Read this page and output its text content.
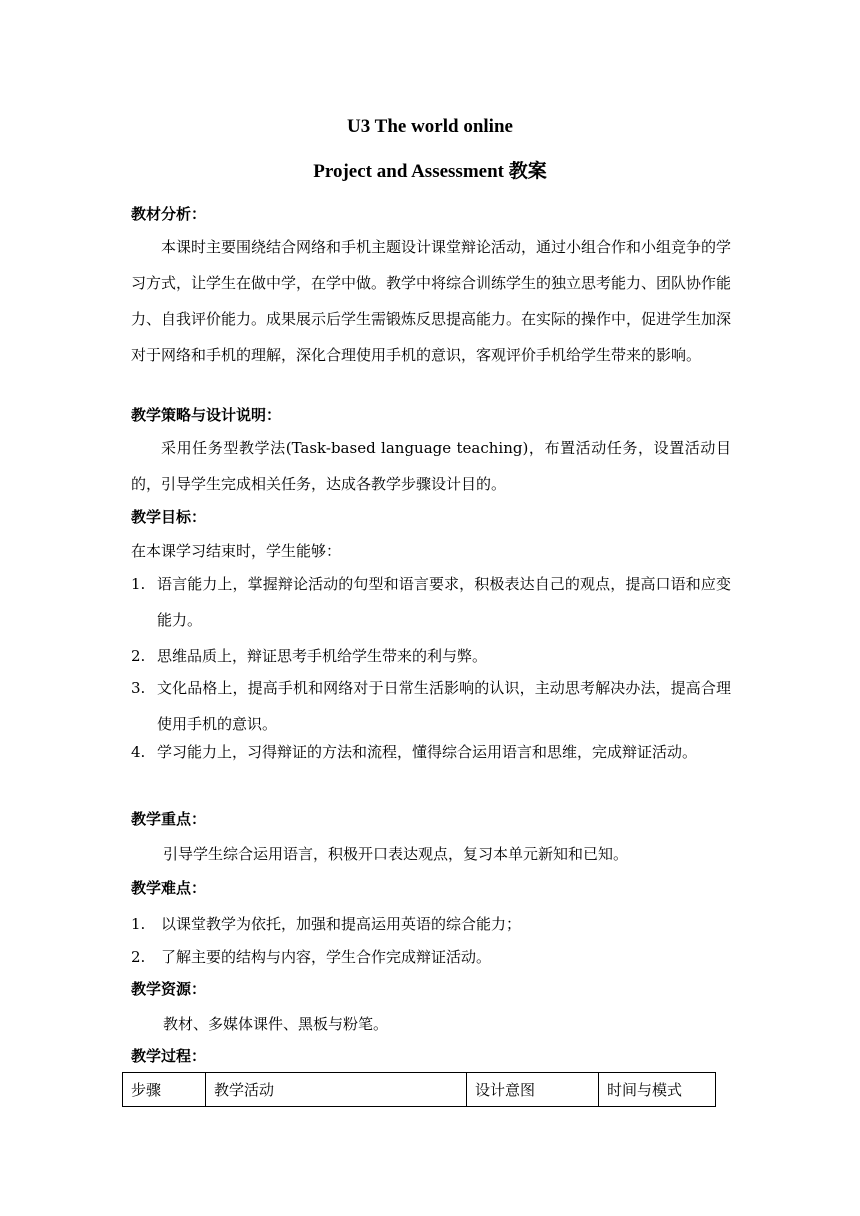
U3 The world online
Project and Assessment 教案
教材分析：
本课时主要围绕结合网络和手机主题设计课堂辩论活动，通过小组合作和小组竞争的学习方式，让学生在做中学，在学中做。教学中将综合训练学生的独立思考能力、团队协作能力、自我评价能力。成果展示后学生需锻炼反思提高能力。在实际的操作中，促进学生加深对于网络和手机的理解，深化合理使用手机的意识，客观评价手机给学生带来的影响。
教学策略与设计说明：
采用任务型教学法(Task-based language teaching)，布置活动任务，设置活动目的，引导学生完成相关任务，达成各教学步骤设计目的。
教学目标：
在本课学习结束时，学生能够：
1. 语言能力上，掌握辩论活动的句型和语言要求，积极表达自己的观点，提高口语和应变能力。
2. 思维品质上，辩证思考手机给学生带来的利与弊。
3. 文化品格上，提高手机和网络对于日常生活影响的认识，主动思考解决办法，提高合理使用手机的意识。
4. 学习能力上，习得辩证的方法和流程，懂得综合运用语言和思维，完成辩证活动。
教学重点：
引导学生综合运用语言，积极开口表达观点，复习本单元新知和已知。
教学难点：
1.	以课堂教学为依托，加强和提高运用英语的综合能力；
2.	了解主要的结构与内容，学生合作完成辩证活动。
教学资源：
教材、多媒体课件、黑板与粉笔。
教学过程：
步骤	教学活动	设计意图	时间与模式
